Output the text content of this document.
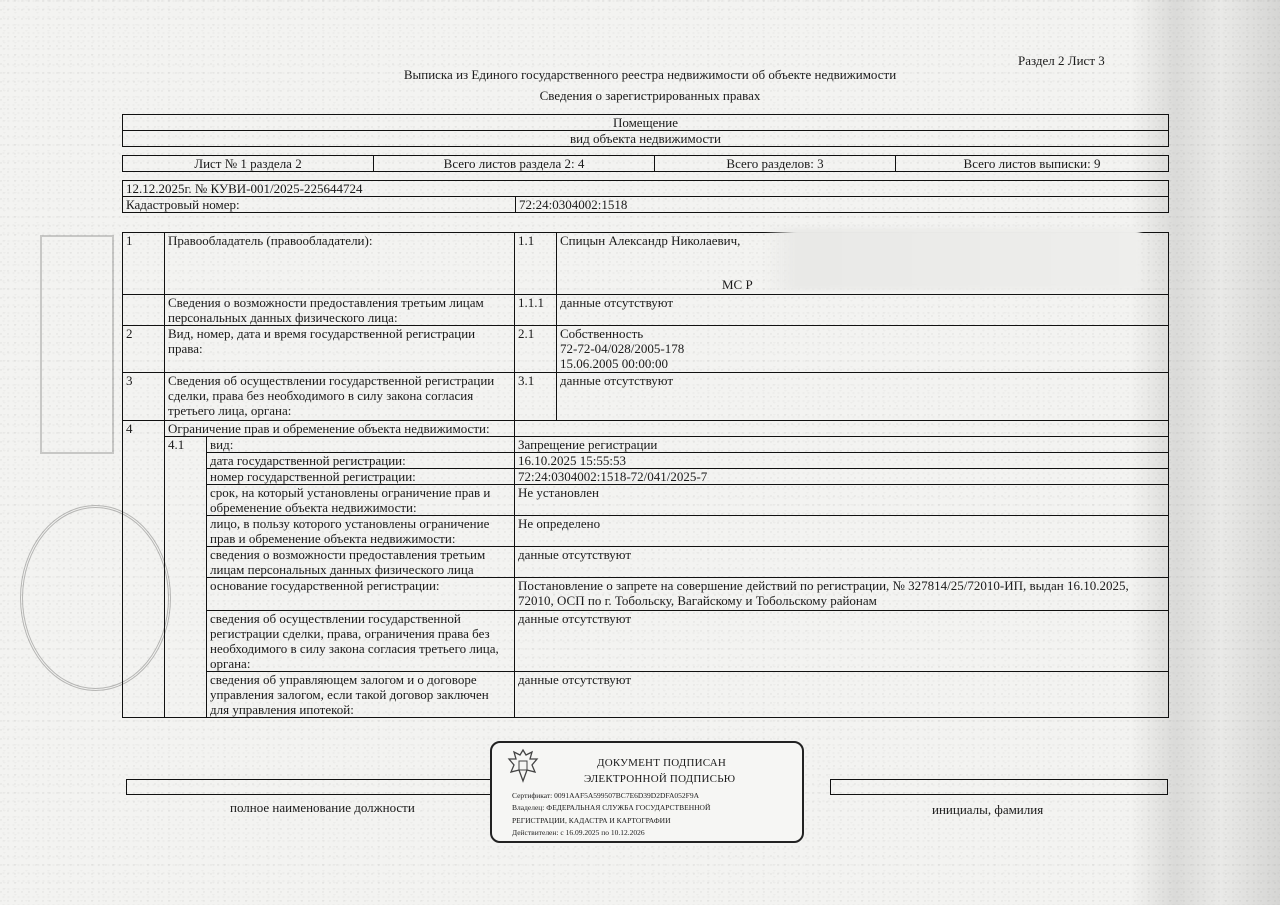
Раздел 2 Лист 3
Выписка из Единого государственного реестра недвижимости об объекте недвижимости
Сведения о зарегистрированных правах
Помещение
вид объекта недвижимости
Лист № 1 раздела 2	Всего листов раздела 2: 4	Всего разделов: 3	Всего листов выписки: 9
12.12.2025г. № КУВИ-001/2025-225644724
Кадастровый номер:	72:24:0304002:1518
1	Правообладатель (правообладатели):		1.1	Спицын Александр Николаевич,
МС Р

	Сведения о возможности предоставления третьим лицам персональных данных физического лица:		1.1.1	данные отсутствуют
2	Вид, номер, дата и время государственной регистрации права:		2.1	Собственность
72-72-04/028/2005-178
15.06.2005 00:00:00

3	Сведения об осуществлении государственной регистрации сделки, права без необходимого в силу закона согласия третьего лица, органа:		3.1	данные отсутствуют
4	Ограничение прав и обременение объекта недвижимости:			
	4.1	вид:	Запрещение регистрации	
		дата государственной регистрации:	16.10.2025 15:55:53	
		номер государственной регистрации:	72:24:0304002:1518-72/041/2025-7	
		срок, на который установлены ограничение прав и обременение объекта недвижимости:	Не установлен	
		лицо, в пользу которого установлены ограничение прав и обременение объекта недвижимости:	Не определено	
		сведения о возможности предоставления третьим лицам персональных данных физического лица	данные отсутствуют	
		основание государственной регистрации:	Постановление о запрете на совершение действий по регистрации, № 327814/25/72010-ИП, выдан 16.10.2025, 72010, ОСП по г. Тобольску, Вагайскому и Тобольскому районам	
		сведения об осуществлении государственной регистрации сделки, права, ограничения права без необходимого в силу закона согласия третьего лица, органа:	данные отсутствуют	
		сведения об управляющем залогом и о договоре управления залогом, если такой договор заключен для управления ипотекой:	данные отсутствуют	

полное наименование должности	инициалы, фамилия
ДОКУМЕНТ ПОДПИСАН
ЭЛЕКТРОННОЙ ПОДПИСЬЮ
Сертификат: 0091AAF5A599507BC7E6D39D2DFA052F9A
Владелец: ФЕДЕРАЛЬНАЯ СЛУЖБА ГОСУДАРСТВЕННОЙ
РЕГИСТРАЦИИ, КАДАСТРА И КАРТОГРАФИИ
Действителен: с 16.09.2025 по 10.12.2026
